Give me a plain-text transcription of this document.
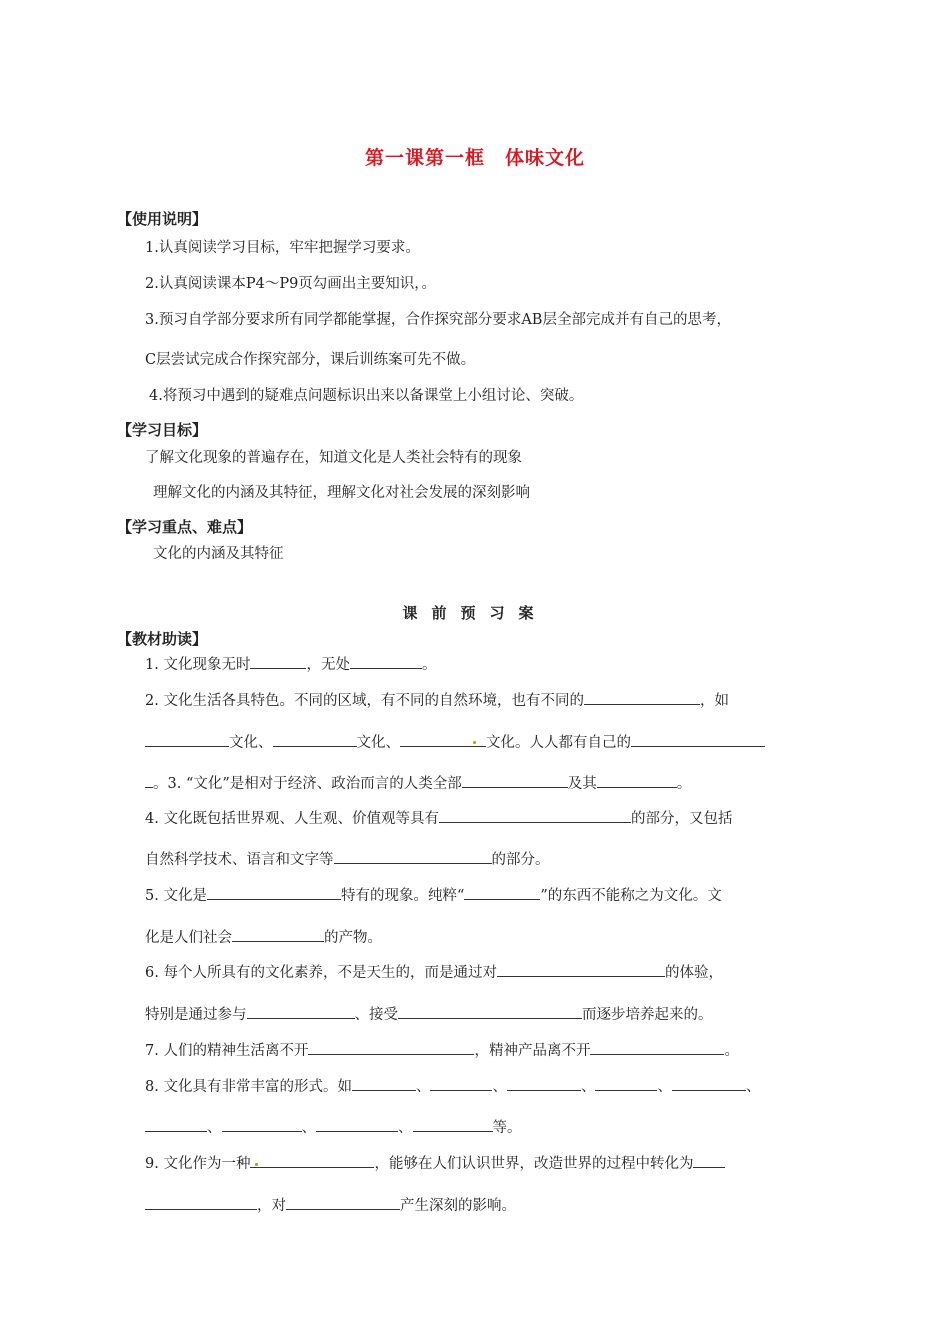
第一课第一框　体味文化
【使用说明】
1.认真阅读学习目标，牢牢把握学习要求。
2.认真阅读课本P4～P9页勾画出主要知识，。
3.预习自学部分要求所有同学都能掌握，合作探究部分要求AB层全部完成并有自己的思考，
C层尝试完成合作探究部分，课后训练案可先不做。
4.将预习中遇到的疑难点问题标识出来以备课堂上小组讨论、突破。
【学习目标】
了解文化现象的普遍存在，知道文化是人类社会特有的现象
理解文化的内涵及其特征，理解文化对社会发展的深刻影响
【学习重点、难点】
文化的内涵及其特征
课前预习案
【教材助读】
1. 文化现象无时	，无处	。
2. 文化生活各具特色。不同的区域，有不同的自然环境，也有不同的	，如
文化、	文化、	文化。人人都有自己的
。3. “文化”是相对于经济、政治而言的人类全部	及其	。
4. 文化既包括世界观、人生观、价值观等具有	的部分，又包括
自然科学技术、语言和文字等	的部分。
5. 文化是	特有的现象。纯粹“	”的东西不能称之为文化。文
化是人们社会	的产物。
6. 每个人所具有的文化素养，不是天生的，而是通过对	的体验，
特别是通过参与	、接受	而逐步培养起来的。
7. 人们的精神生活离不开	，精神产品离不开	。
8. 文化具有非常丰富的形式。如	、	、	、	、	、
、	、	、	等。
9. 文化作为一种	，能够在人们认识世界，改造世界的过程中转化为
，对	产生深刻的影响。
